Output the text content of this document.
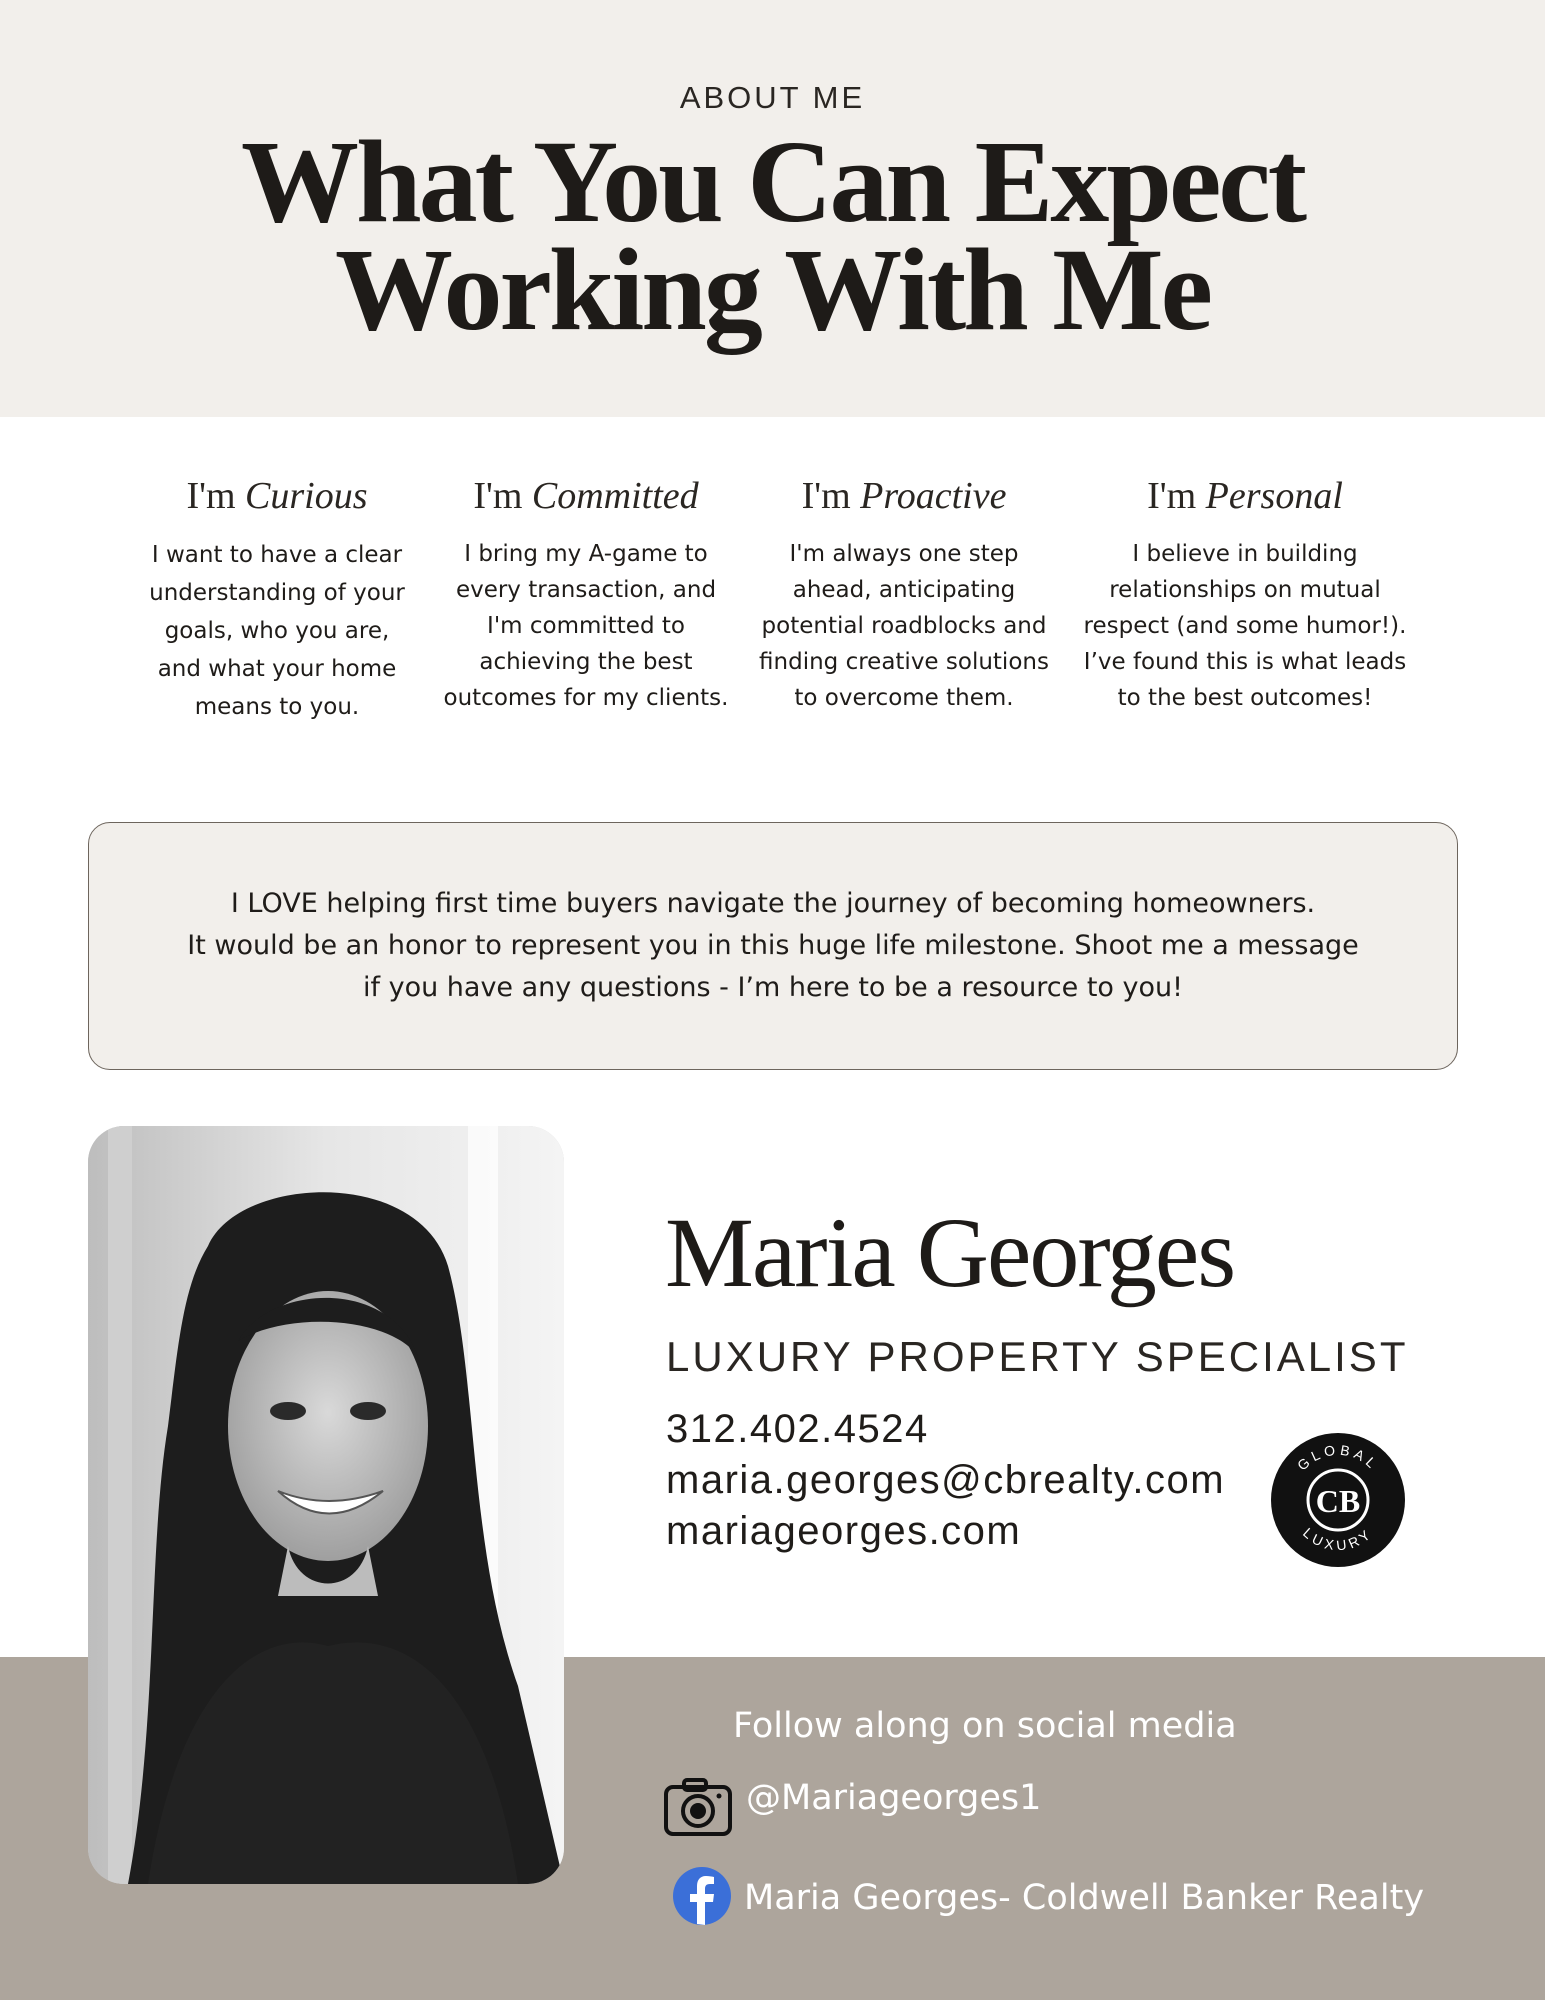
ABOUT ME
What You Can Expect
Working With Me
I'm Curious
I want to have a clear
understanding of your
goals, who you are,
and what your home
means to you.
I'm Committed
I bring my A-game to
every transaction, and
I'm committed to
achieving the best
outcomes for my clients.
I'm Proactive
I'm always one step
ahead, anticipating
potential roadblocks and
finding creative solutions
to overcome them.
I'm Personal
I believe in building
relationships on mutual
respect (and some humor!).
I’ve found this is what leads
to the best outcomes!
I LOVE helping first time buyers navigate the journey of becoming homeowners.
It would be an honor to represent you in this huge life milestone. Shoot me a message
if you have any questions - I’m here to be a resource to you!
Maria Georges
LUXURY PROPERTY SPECIALIST
312.402.4524
maria.georges@cbrealty.com
mariageorges.com
CB
GLOBAL
LUXURY
Follow along on social media
@Mariageorges1
Maria Georges- Coldwell Banker Realty
